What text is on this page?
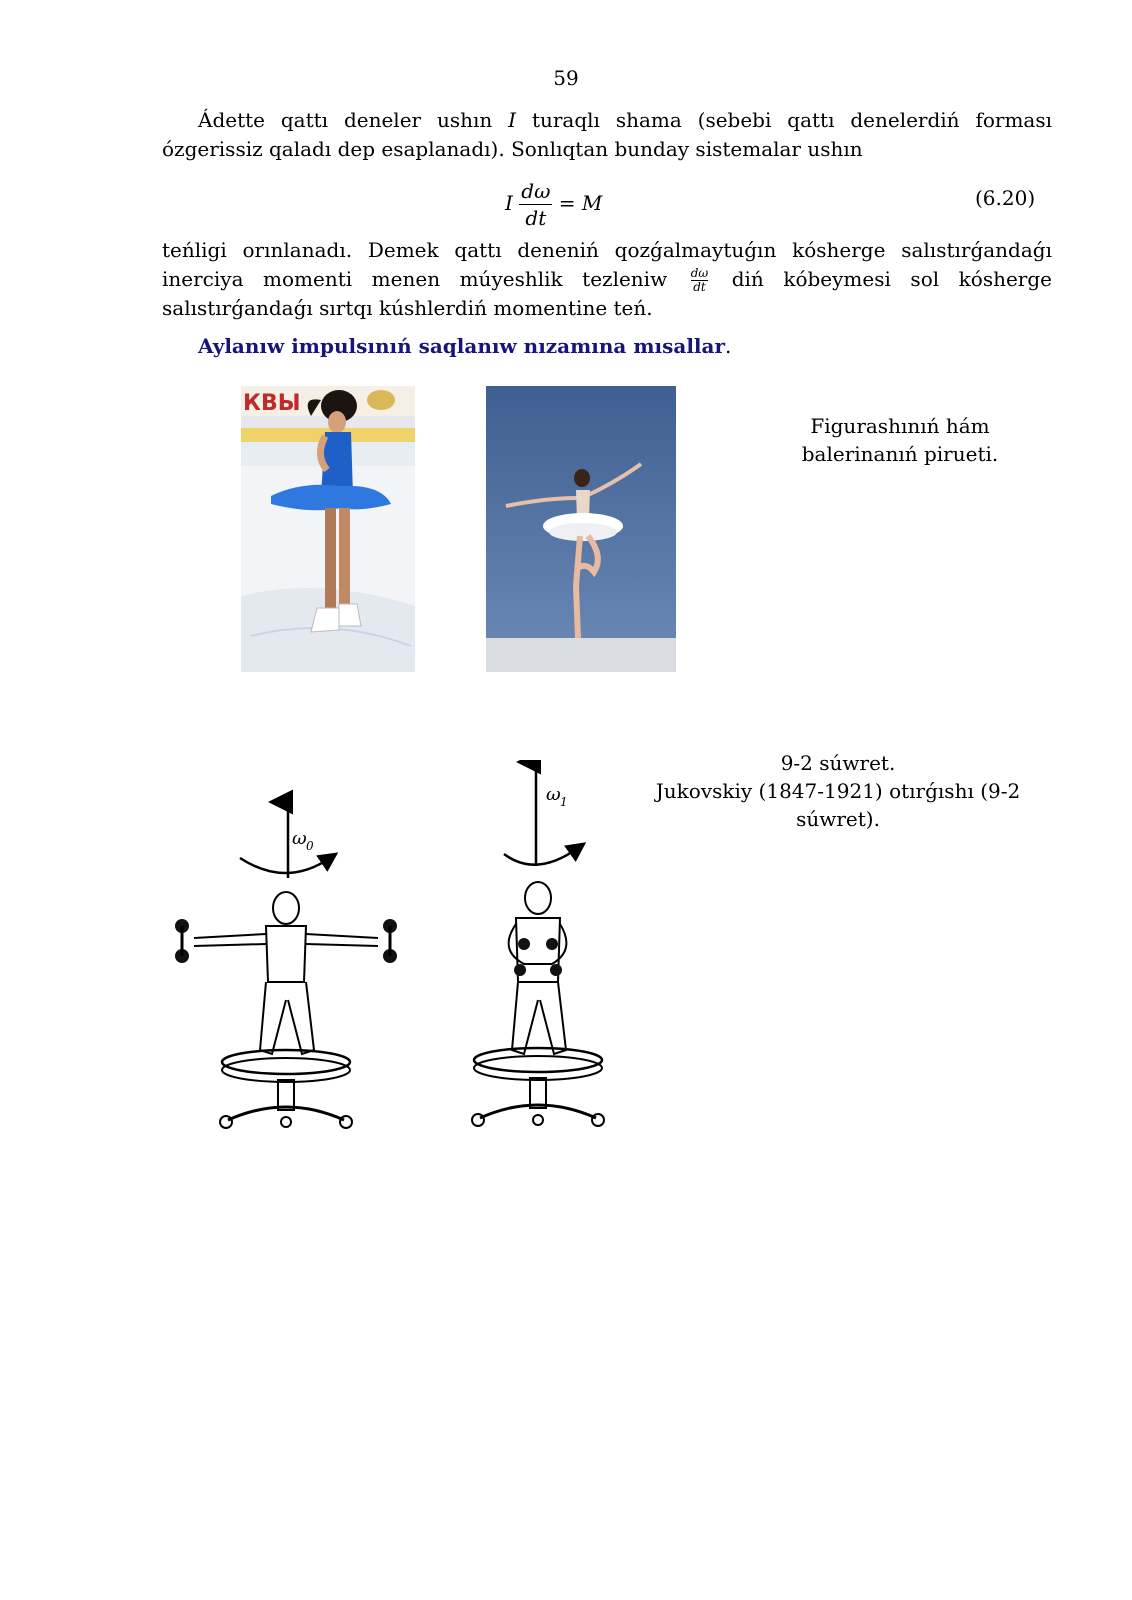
59
Ádette qattı deneler ushın I turaqlı shama (sebebi qattı denelerdiń forması ózgerissiz qaladı dep esaplanadı). Sonlıqtan bunday sistemalar ushın
I $\frac{d\omega}{dt} = M$	(6.20)
teńligi orınlanadı. Demek qattı deneniń qozǵalmaytuǵın kósherge salıstırǵandaǵı inerciya momenti menen múyeshlik tezleniw $\frac{d\omega}{dt}$ diń kóbeymesi sol kósherge salıstırǵandaǵı sırtqı kúshlerdiń momentine teń.
Aylanıw impulsınıń saqlanıw nızamına mısallar.
КВЫ
Figurashınıń hám
balerinanıń pirueti.
ω 0
ω 1
9-2 súwret.
Jukovskiy (1847-1921) otırǵıshı (9-2
súwret).
